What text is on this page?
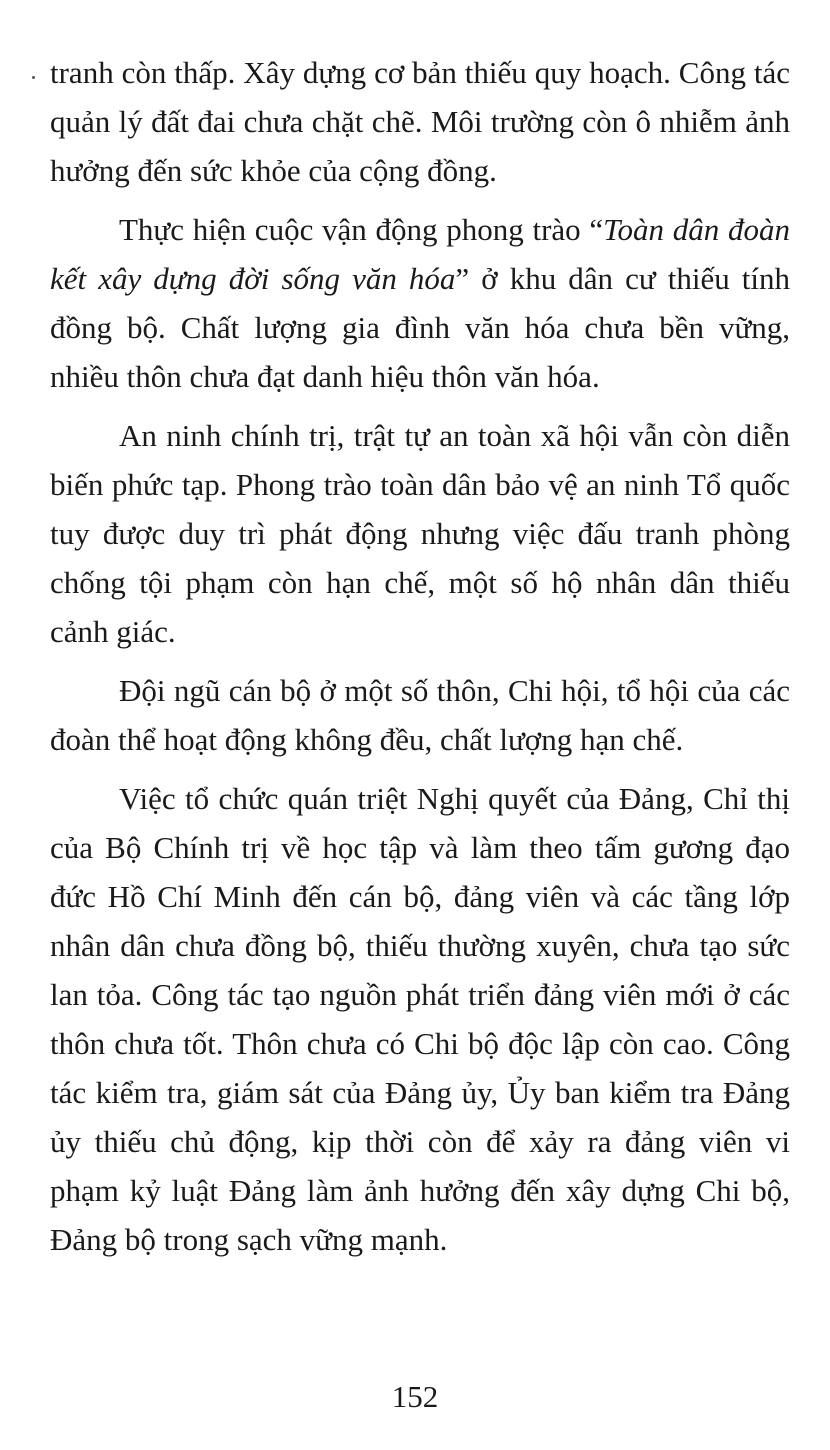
tranh còn thấp. Xây dựng cơ bản thiếu quy hoạch. Công tác quản lý đất đai chưa chặt chẽ. Môi trường còn ô nhiễm ảnh hưởng đến sức khỏe của cộng đồng.

Thực hiện cuộc vận động phong trào “Toàn dân đoàn kết xây dựng đời sống văn hóa” ở khu dân cư thiếu tính đồng bộ. Chất lượng gia đình văn hóa chưa bền vững, nhiều thôn chưa đạt danh hiệu thôn văn hóa.

An ninh chính trị, trật tự an toàn xã hội vẫn còn diễn biến phức tạp. Phong trào toàn dân bảo vệ an ninh Tổ quốc tuy được duy trì phát động nhưng việc đấu tranh phòng chống tội phạm còn hạn chế, một số hộ nhân dân thiếu cảnh giác.

Đội ngũ cán bộ ở một số thôn, Chi hội, tổ hội của các đoàn thể hoạt động không đều, chất lượng hạn chế.

Việc tổ chức quán triệt Nghị quyết của Đảng, Chỉ thị của Bộ Chính trị về học tập và làm theo tấm gương đạo đức Hồ Chí Minh đến cán bộ, đảng viên và các tầng lớp nhân dân chưa đồng bộ, thiếu thường xuyên, chưa tạo sức lan tỏa. Công tác tạo nguồn phát triển đảng viên mới ở các thôn chưa tốt. Thôn chưa có Chi bộ độc lập còn cao. Công tác kiểm tra, giám sát của Đảng ủy, Ủy ban kiểm tra Đảng ủy thiếu chủ động, kịp thời còn để xảy ra đảng viên vi phạm kỷ luật Đảng làm ảnh hưởng đến xây dựng Chi bộ, Đảng bộ trong sạch vững mạnh.

152
